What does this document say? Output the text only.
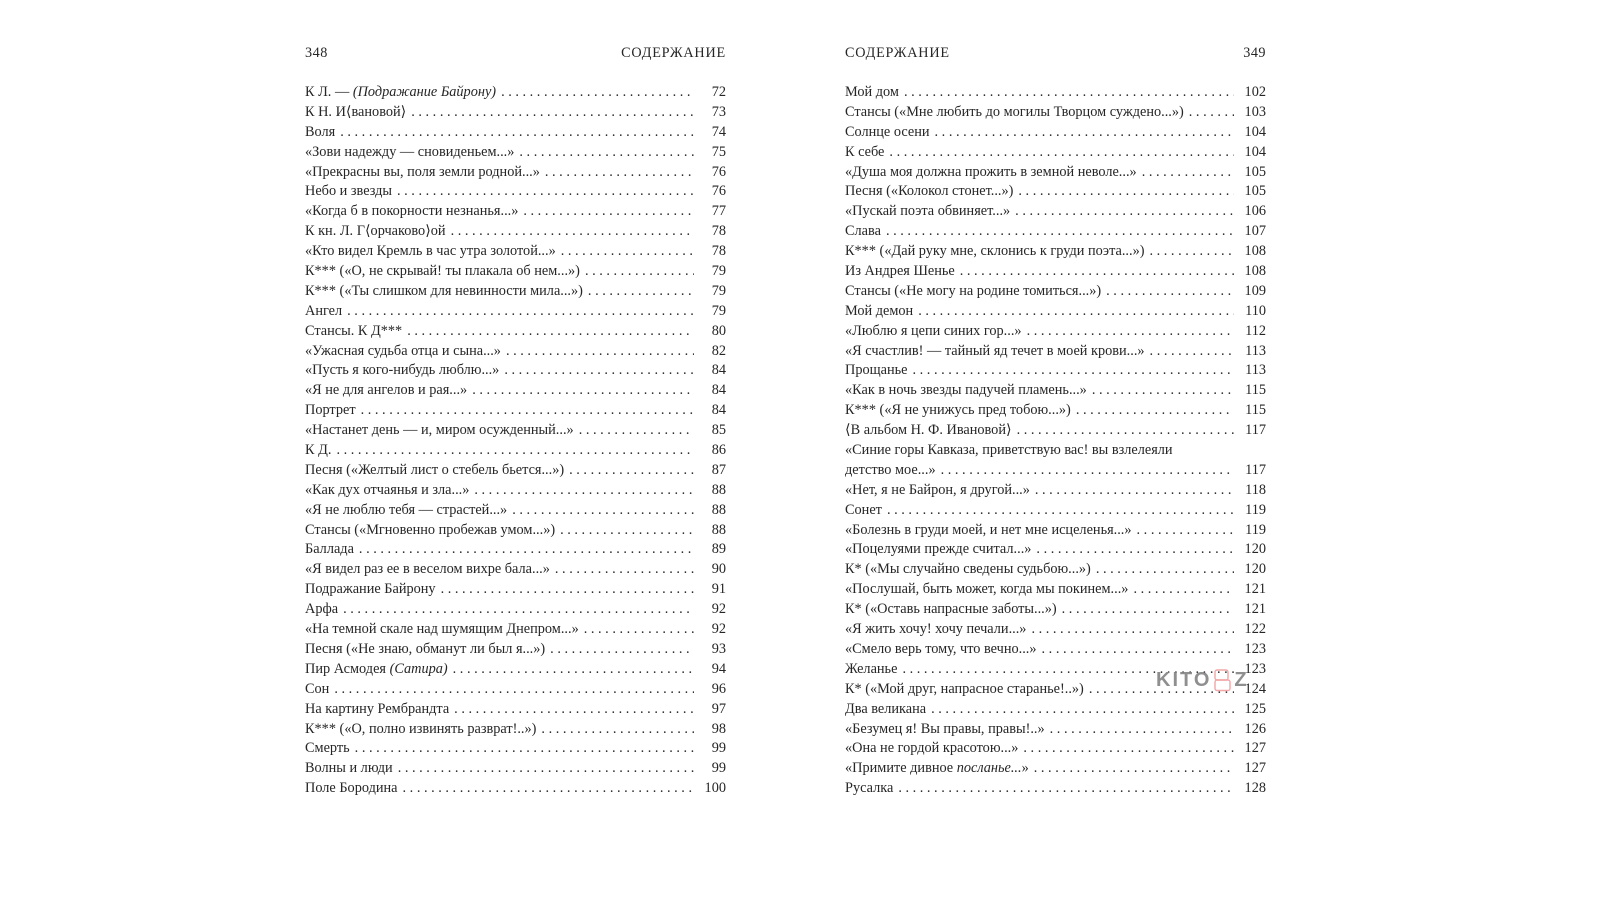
348	СОДЕРЖАНИЕ
К Л. — (Подражание Байрону) . . .	72
К Н. И⟨вановой⟩ . . .	73
Воля . . .	74
«Зови надежду — сновиденьем...» . . .	75
«Прекрасны вы, поля земли родной...» . . .	76
Небо и звезды . . .	76
«Когда б в покорности незнанья...» . . .	77
К кн. Л. Г⟨орчаково⟩ой . . .	78
«Кто видел Кремль в час утра золотой...» . . .	78
К*** («О, не скрывай! ты плакала об нем...») . . .	79
К*** («Ты слишком для невинности мила...») . . .	79
Ангел . . .	79
Стансы. К Д*** . . .	80
«Ужасная судьба отца и сына...» . . .	82
«Пусть я кого-нибудь люблю...» . . .	84
«Я не для ангелов и рая...» . . .	84
Портрет . . .	84
«Настанет день — и, миром осужденный...» . . .	85
К Д. . . .	86
Песня («Желтый лист о стебель бьется...») . . .	87
«Как дух отчаянья и зла...» . . .	88
«Я не люблю тебя — страстей...» . . .	88
Стансы («Мгновенно пробежав умом...») . . .	88
Баллада . . .	89
«Я видел раз ее в веселом вихре бала...» . . .	90
Подражание Байрону . . .	91
Арфа . . .	92
«На темной скале над шумящим Днепром...» . . .	92
Песня («Не знаю, обманут ли был я...») . . .	93
Пир Асмодея (Сатира) . . .	94
Сон . . .	96
На картину Рембрандта . . .	97
К*** («О, полно извинять разврат!..») . . .	98
Смерть . . .	99
Волны и люди . . .	99
Поле Бородина . . .	100
СОДЕРЖАНИЕ	349
Мой дом . . .	102
Стансы («Мне любить до могилы Творцом суждено...») . . .	103
Солнце осени . . .	104
К себе . . .	104
«Душа моя должна прожить в земной неволе...» . . .	105
Песня («Колокол стонет...») . . .	105
«Пускай поэта обвиняет...» . . .	106
Слава . . .	107
К*** («Дай руку мне, склонись к груди поэта...») . . .	108
Из Андрея Шенье . . .	108
Стансы («Не могу на родине томиться...») . . .	109
Мой демон . . .	110
«Люблю я цепи синих гор...» . . .	112
«Я счастлив! — тайный яд течет в моей крови...» . . .	113
Прощанье . . .	113
«Как в ночь звезды падучей пламень...» . . .	115
К*** («Я не унижусь пред тобою...») . . .	115
⟨В альбом Н. Ф. Ивановой⟩ . . .	117
«Синие горы Кавказа, приветствую вас! вы взлелеяли
детство мое...» . . .	117
«Нет, я не Байрон, я другой...» . . .	118
Сонет . . .	119
«Болезнь в груди моей, и нет мне исцеленья...» . . .	119
«Поцелуями прежде считал...» . . .	120
К* («Мы случайно сведены судьбою...») . . .	120
«Послушай, быть может, когда мы покинем...» . . .	121
К* («Оставь напрасные заботы...») . . .	121
«Я жить хочу! хочу печали...» . . .	122
«Смело верь тому, что вечно...» . . .	123
Желанье . . .	123
К* («Мой друг, напрасное старанье!..») . . .	124
Два великана . . .	125
«Безумец я! Вы правы, правы!..» . . .	126
«Она не гордой красотою...» . . .	127
«Примите дивное посланье...» . . .	127
Русалка . . .	128
KITO Z
